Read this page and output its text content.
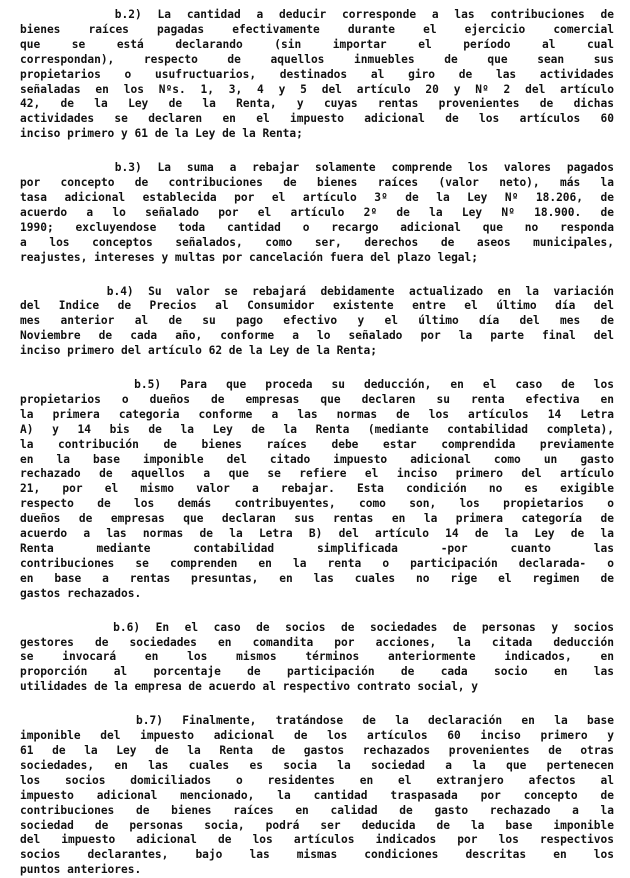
b.2) La cantidad a deducir corresponde a las contribuciones de
bienes raíces pagadas efectivamente durante el ejercicio comercial
que se está declarando (sin importar el período al cual
correspondan), respecto de aquellos inmuebles de que sean sus
propietarios o usufructuarios, destinados al giro de las actividades
señaladas en los Nºs. 1, 3, 4 y 5 del artículo 20 y Nº 2 del artículo
42, de la Ley de la Renta, y cuyas rentas provenientes de dichas
actividades se declaren en el impuesto adicional de los artículos 60
inciso primero y 61 de la Ley de la Renta;
b.3) La suma a rebajar solamente comprende los valores pagados
por concepto de contribuciones de bienes raíces (valor neto), más la
tasa adicional establecida por el artículo 3º de la Ley Nº 18.206, de
acuerdo a lo señalado por el artículo 2º de la Ley Nº 18.900. de
1990; excluyendose toda cantidad o recargo adicional que no responda
a los conceptos señalados, como ser, derechos de aseos municipales,
reajustes, intereses y multas por cancelación fuera del plazo legal;
b.4) Su valor se rebajará debidamente actualizado en la variación
del Indice de Precios al Consumidor existente entre el último día del
mes anterior al de su pago efectivo y el último día del mes de
Noviembre de cada año, conforme a lo señalado por la parte final del
inciso primero del artículo 62 de la Ley de la Renta;
b.5) Para que proceda su deducción, en el caso de los
propietarios o dueños de empresas que declaren su renta efectiva en
la primera categoria conforme a las normas de los artículos 14 Letra
A) y 14 bis de la Ley de la Renta (mediante contabilidad completa),
la contribución de bienes raíces debe estar comprendida previamente
en la base imponible del citado impuesto adicional como un gasto
rechazado de aquellos a que se refiere el inciso primero del artículo
21, por el mismo valor a rebajar. Esta condición no es exigible
respecto de los demás contribuyentes, como son, los propietarios o
dueños de empresas que declaran sus rentas en la primera categoría de
acuerdo a las normas de la Letra B) del artículo 14 de la Ley de la
Renta mediante contabilidad simplificada -por cuanto las
contribuciones se comprenden en la renta o participación declarada- o
en base a rentas presuntas, en las cuales no rige el regimen de
gastos rechazados.
b.6) En el caso de socios de sociedades de personas y socios
gestores de sociedades en comandita por acciones, la citada deducción
se invocará en los mismos términos anteriormente indicados, en
proporción al porcentaje de participación de cada socio en las
utilidades de la empresa de acuerdo al respectivo contrato social, y
b.7) Finalmente, tratándose de la declaración en la base
imponible del impuesto adicional de los artículos 60 inciso primero y
61 de la Ley de la Renta de gastos rechazados provenientes de otras
sociedades, en las cuales es socia la sociedad a la que pertenecen
los socios domiciliados o residentes en el extranjero afectos al
impuesto adicional mencionado, la cantidad traspasada por concepto de
contribuciones de bienes raíces en calidad de gasto rechazado a la
sociedad de personas socia, podrá ser deducida de la base imponible
del impuesto adicional de los artículos indicados por los respectivos
socios declarantes, bajo las mismas condiciones descritas en los
puntos anteriores.
